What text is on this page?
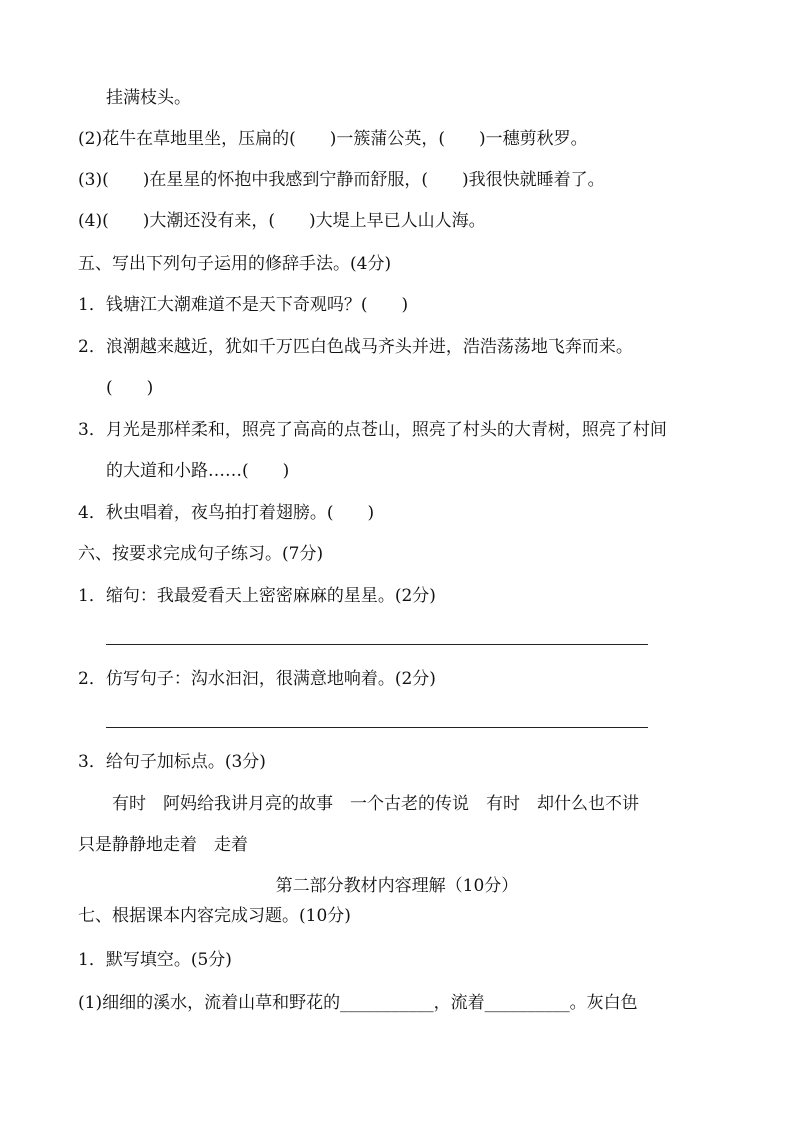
挂满枝头。
(2)花牛在草地里坐，压扁的(　　)一簇蒲公英，(　　)一穗剪秋罗。
(3)(　　)在星星的怀抱中我感到宁静而舒服，(　　)我很快就睡着了。
(4)(　　)大潮还没有来，(　　)大堤上早已人山人海。
五、写出下列句子运用的修辞手法。(4分)
1．钱塘江大潮难道不是天下奇观吗？(　　)
2．浪潮越来越近，犹如千万匹白色战马齐头并进，浩浩荡荡地飞奔而来。
(　　)
3．月光是那样柔和，照亮了高高的点苍山，照亮了村头的大青树，照亮了村间
的大道和小路……(　　)
4．秋虫唱着，夜鸟拍打着翅膀。(　　)
六、按要求完成句子练习。(7分)
1．缩句：我最爱看天上密密麻麻的星星。(2分)
2．仿写句子：沟水汩汩，很满意地响着。(2分)
3．给句子加标点。(3分)
有时　阿妈给我讲月亮的故事　一个古老的传说　有时　却什么也不讲
只是静静地走着　走着
第二部分教材内容理解（10分）
七、根据课本内容完成习题。(10分)
1．默写填空。(5分)
(1)细细的溪水，流着山草和野花的___________，流着__________。灰白色
